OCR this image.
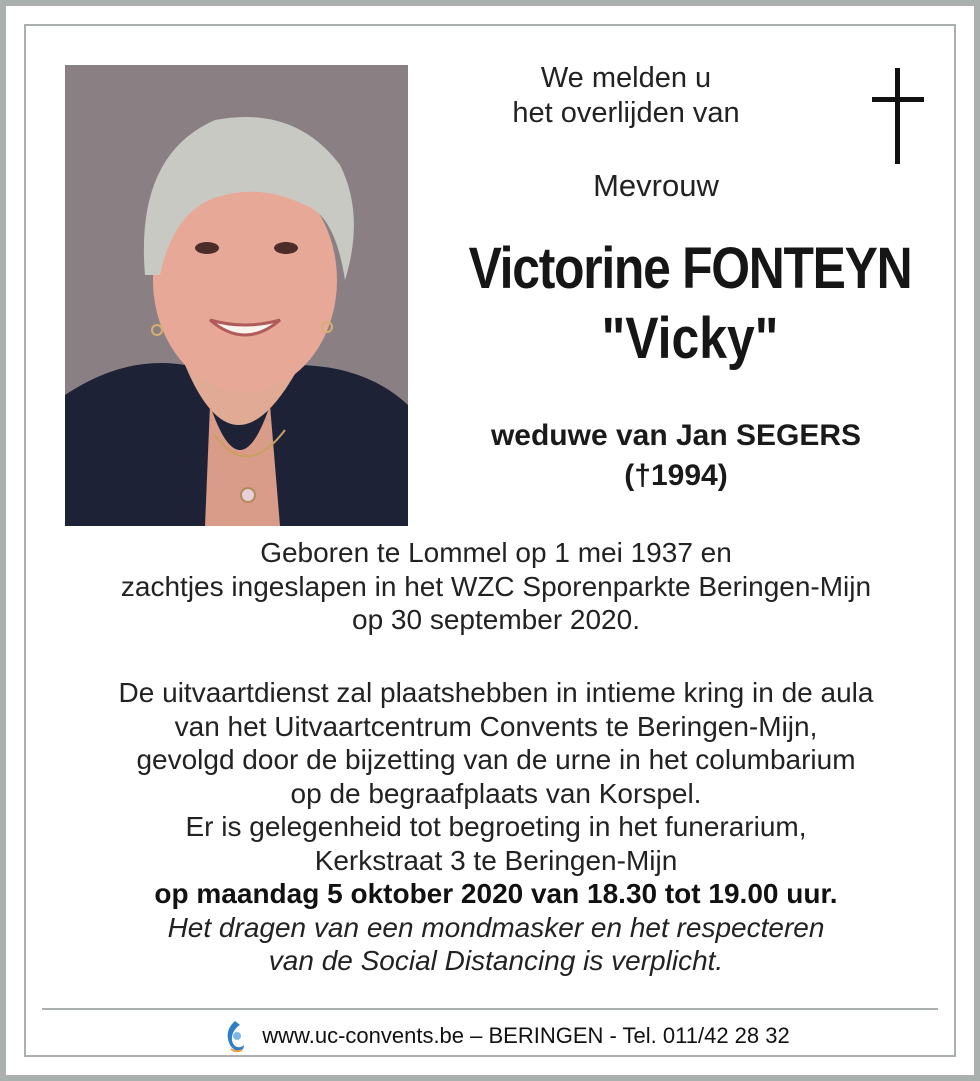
We melden u
het overlijden van
Mevrouw
Victorine FONTEYN
"Vicky"
weduwe van Jan SEGERS
(†1994)
Geboren te Lommel op 1 mei 1937 en
zachtjes ingeslapen in het WZC Sporenparkte Beringen-Mijn
op 30 september 2020.
De uitvaartdienst zal plaatshebben in intieme kring in de aula
van het Uitvaartcentrum Convents te Beringen-Mijn,
gevolgd door de bijzetting van de urne in het columbarium
op de begraafplaats van Korspel.
Er is gelegenheid tot begroeting in het funerarium,
Kerkstraat 3 te Beringen-Mijn
op maandag 5 oktober 2020 van 18.30 tot 19.00 uur.
Het dragen van een mondmasker en het respecteren
van de Social Distancing is verplicht.
www.uc-convents.be – BERINGEN - Tel. 011/42 28 32
